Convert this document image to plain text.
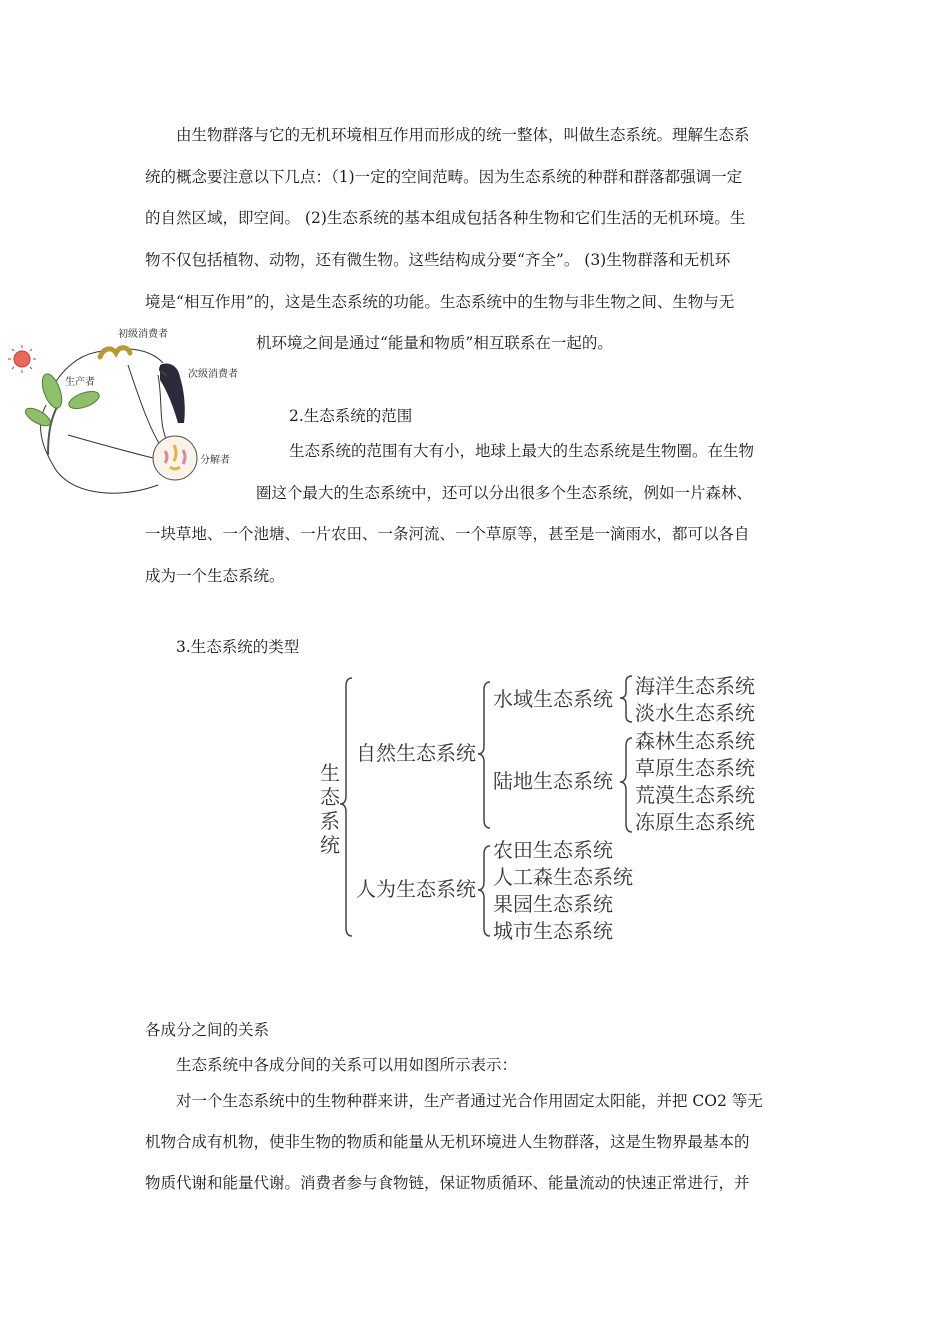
由生物群落与它的无机环境相互作用而形成的统一整体，叫做生态系统。理解生态系
统的概念要注意以下几点：（1)一定的空间范畴。因为生态系统的种群和群落都强调一定
的自然区域，即空间。 (2)生态系统的基本组成包括各种生物和它们生活的无机环境。生
物不仅包括植物、动物，还有微生物。这些结构成分要“齐全”。 (3)生物群落和无机环
境是“相互作用”的，这是生态系统的功能。生态系统中的生物与非生物之间、生物与无
机环境之间是通过“能量和物质”相互联系在一起的。
初级消费者
生产者
次级消费者
分解者
2.生态系统的范围
生态系统的范围有大有小，地球上最大的生态系统是生物圈。在生物
圈这个最大的生态系统中，还可以分出很多个生态系统，例如一片森林、
一块草地、一个池塘、一片农田、一条河流、一个草原等，甚至是一滴雨水，都可以各自
成为一个生态系统。
3.生态系统的类型
生
态
系
统
自然生态系统
人为生态系统
水域生态系统
陆地生态系统
海洋生态系统
淡水生态系统
森林生态系统
草原生态系统
荒漠生态系统
冻原生态系统
农田生态系统
人工森生态系统
果园生态系统
城市生态系统
各成分之间的关系
生态系统中各成分间的关系可以用如图所示表示：
对一个生态系统中的生物种群来讲，生产者通过光合作用固定太阳能，并把 CO2 等无
机物合成有机物，使非生物的物质和能量从无机环境进人生物群落，这是生物界最基本的
物质代谢和能量代谢。消费者参与食物链，保证物质循环、能量流动的快速正常进行，并
